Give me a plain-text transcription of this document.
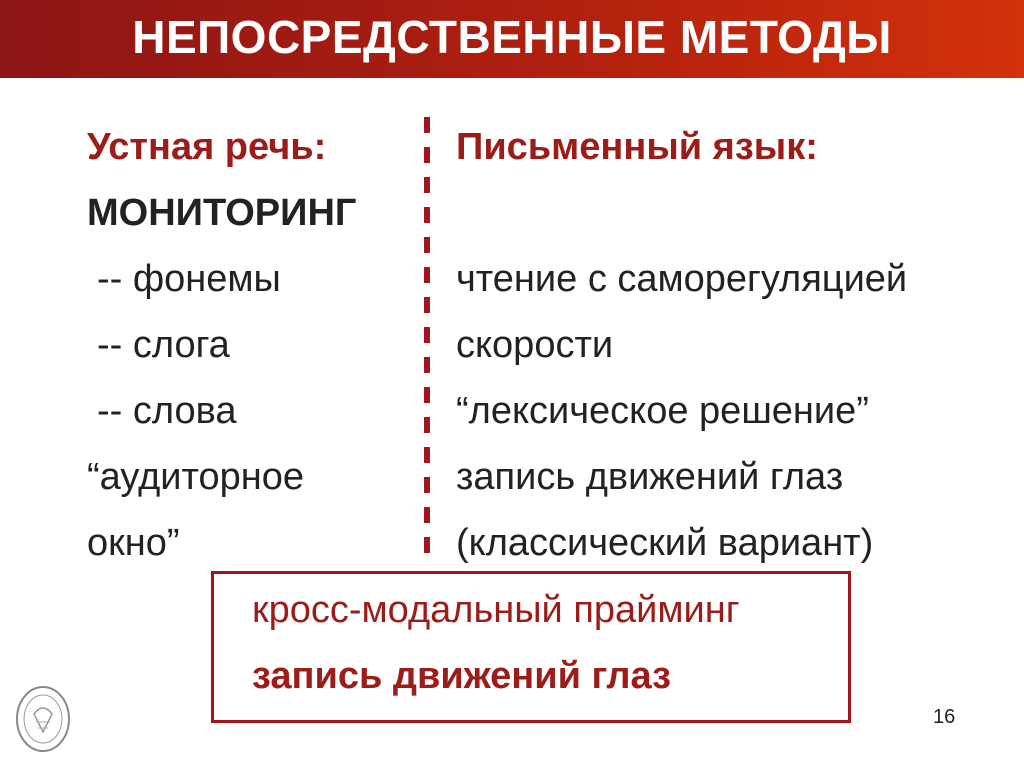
НЕПОСРЕДСТВЕННЫЕ МЕТОДЫ
Устная речь:
МОНИТОРИНГ
-- фонемы
-- слога
-- слова
“аудиторное
окно”
Письменный язык:
чтение с саморегуляцией
скорости
“лексическое решение”
запись движений глаз
(классический вариант)
кросс-модальный прайминг
запись движений глаз
16
